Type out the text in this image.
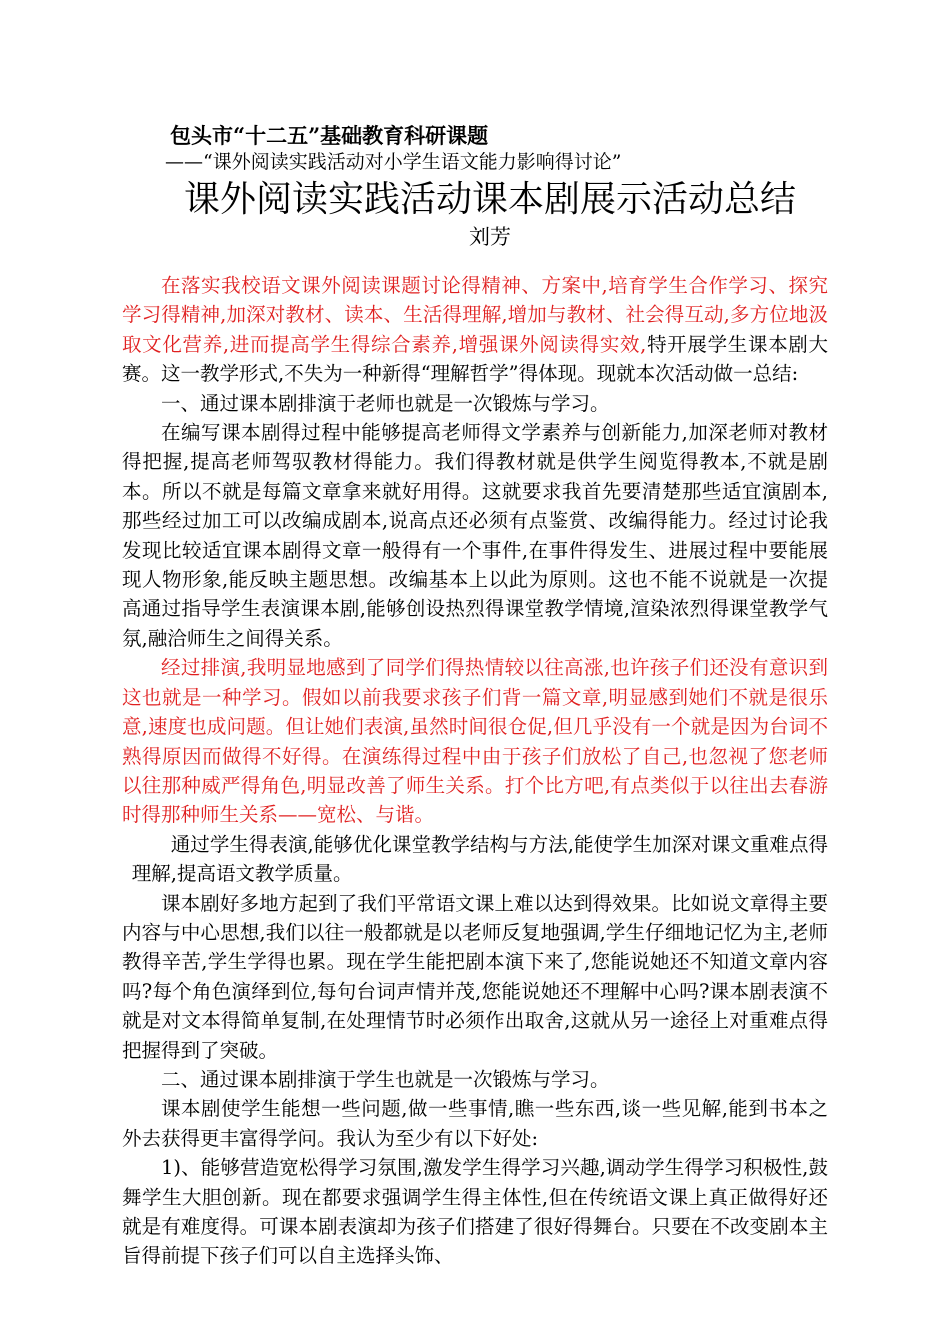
包头市“十二五”基础教育科研课题
——“课外阅读实践活动对小学生语文能力影响得讨论”
课外阅读实践活动课本剧展示活动总结
刘芳

在落实我校语文课外阅读课题讨论得精神、方案中,培育学生合作学习、探究学习得精神,加深对教材、读本、生活得理解,增加与教材、社会得互动,多方位地汲取文化营养,进而提高学生得综合素养,增强课外阅读得实效,特开展学生课本剧大赛。这一教学形式,不失为一种新得“理解哲学”得体现。现就本次活动做一总结:

一、通过课本剧排演于老师也就是一次锻炼与学习。

在编写课本剧得过程中能够提高老师得文学素养与创新能力,加深老师对教材得把握,提高老师驾驭教材得能力。我们得教材就是供学生阅览得教本,不就是剧本。所以不就是每篇文章拿来就好用得。这就要求我首先要清楚那些适宜演剧本,那些经过加工可以改编成剧本,说高点还必须有点鉴赏、改编得能力。经过讨论我发现比较适宜课本剧得文章一般得有一个事件,在事件得发生、进展过程中要能展现人物形象,能反映主题思想。改编基本上以此为原则。这也不能不说就是一次提高通过指导学生表演课本剧,能够创设热烈得课堂教学情境,渲染浓烈得课堂教学气氛,融洽师生之间得关系。

经过排演,我明显地感到了同学们得热情较以往高涨,也许孩子们还没有意识到这也就是一种学习。假如以前我要求孩子们背一篇文章,明显感到她们不就是很乐意,速度也成问题。但让她们表演,虽然时间很仓促,但几乎没有一个就是因为台词不熟得原因而做得不好得。在演练得过程中由于孩子们放松了自己,也忽视了您老师以往那种威严得角色,明显改善了师生关系。打个比方吧,有点类似于以往出去春游时得那种师生关系——宽松、与谐。

通过学生得表演,能够优化课堂教学结构与方法,能使学生加深对课文重难点得理解,提高语文教学质量。

课本剧好多地方起到了我们平常语文课上难以达到得效果。比如说文章得主要内容与中心思想,我们以往一般都就是以老师反复地强调,学生仔细地记忆为主,老师教得辛苦,学生学得也累。现在学生能把剧本演下来了,您能说她还不知道文章内容吗?每个角色演绎到位,每句台词声情并茂,您能说她还不理解中心吗?课本剧表演不就是对文本得简单复制,在处理情节时必须作出取舍,这就从另一途径上对重难点得把握得到了突破。

二、通过课本剧排演于学生也就是一次锻炼与学习。

课本剧使学生能想一些问题,做一些事情,瞧一些东西,谈一些见解,能到书本之外去获得更丰富得学问。我认为至少有以下好处:

1)、能够营造宽松得学习氛围,激发学生得学习兴趣,调动学生得学习积极性,鼓舞学生大胆创新。现在都要求强调学生得主体性,但在传统语文课上真正做得好还就是有难度得。可课本剧表演却为孩子们搭建了很好得舞台。只要在不改变剧本主旨得前提下孩子们可以自主选择头饰、
